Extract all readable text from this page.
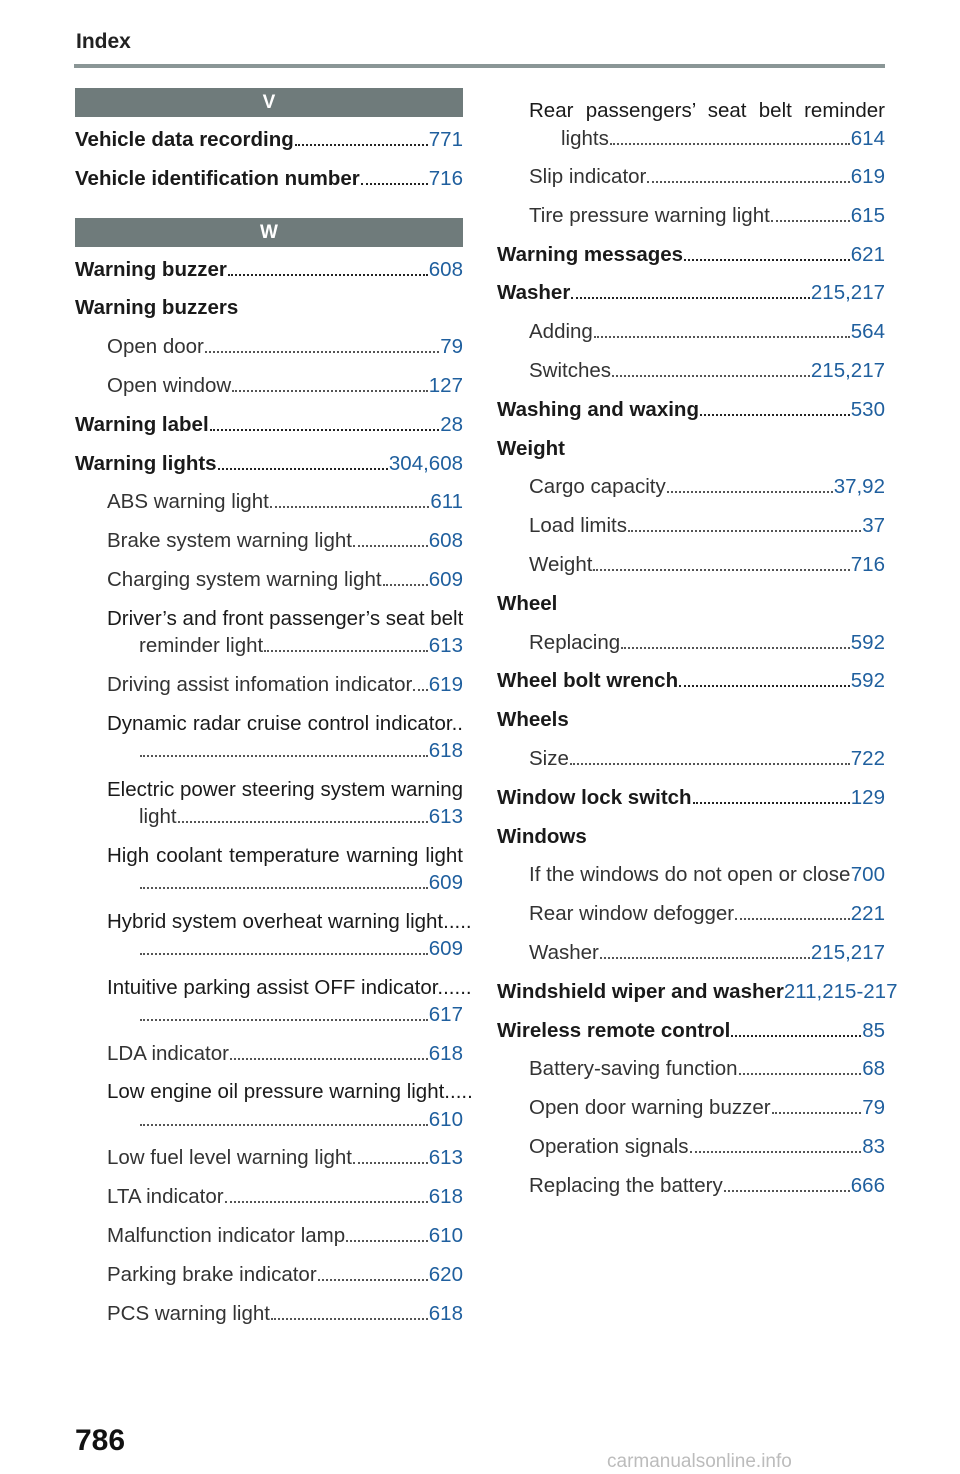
Index
V
Vehicle data recording	771
Vehicle identification number	716
W
Warning buzzer	608
Warning buzzers
Open door	79
Open window	127
Warning label	28
Warning lights	304,608
ABS warning light	611
Brake system warning light	608
Charging system warning light 609
Driver’s and front passenger’s seat belt
reminder light	613
Driving assist infomation indicator 619
Dynamic radar cruise control indicator..
618
Electric power steering system warning
light	613
High coolant temperature warning light
609
Hybrid system overheat warning light.....
609
Intuitive parking assist OFF indicator......
617
LDA indicator	618
Low engine oil pressure warning light.....
610
Low fuel level warning light	613
LTA indicator	618
Malfunction indicator lamp	610
Parking brake indicator	620
PCS warning light	618
Rear passengers’ seat belt reminder
lights	614
Slip indicator	619
Tire pressure warning light	615
Warning messages	621
Washer	215,217
Adding	564
Switches	215,217
Washing and waxing	530
Weight
Cargo capacity	37,92
Load limits	37
Weight	716
Wheel
Replacing	592
Wheel bolt wrench	592
Wheels
Size	722
Window lock switch	129
Windows
If the windows do not open or close 700
Rear window defogger	221
Washer	215,217
Windshield wiper and washer 211,215-217
Wireless remote control	85
Battery-saving function	68
Open door warning buzzer	79
Operation signals	83
Replacing the battery	666
786
carmanualsonline.info
